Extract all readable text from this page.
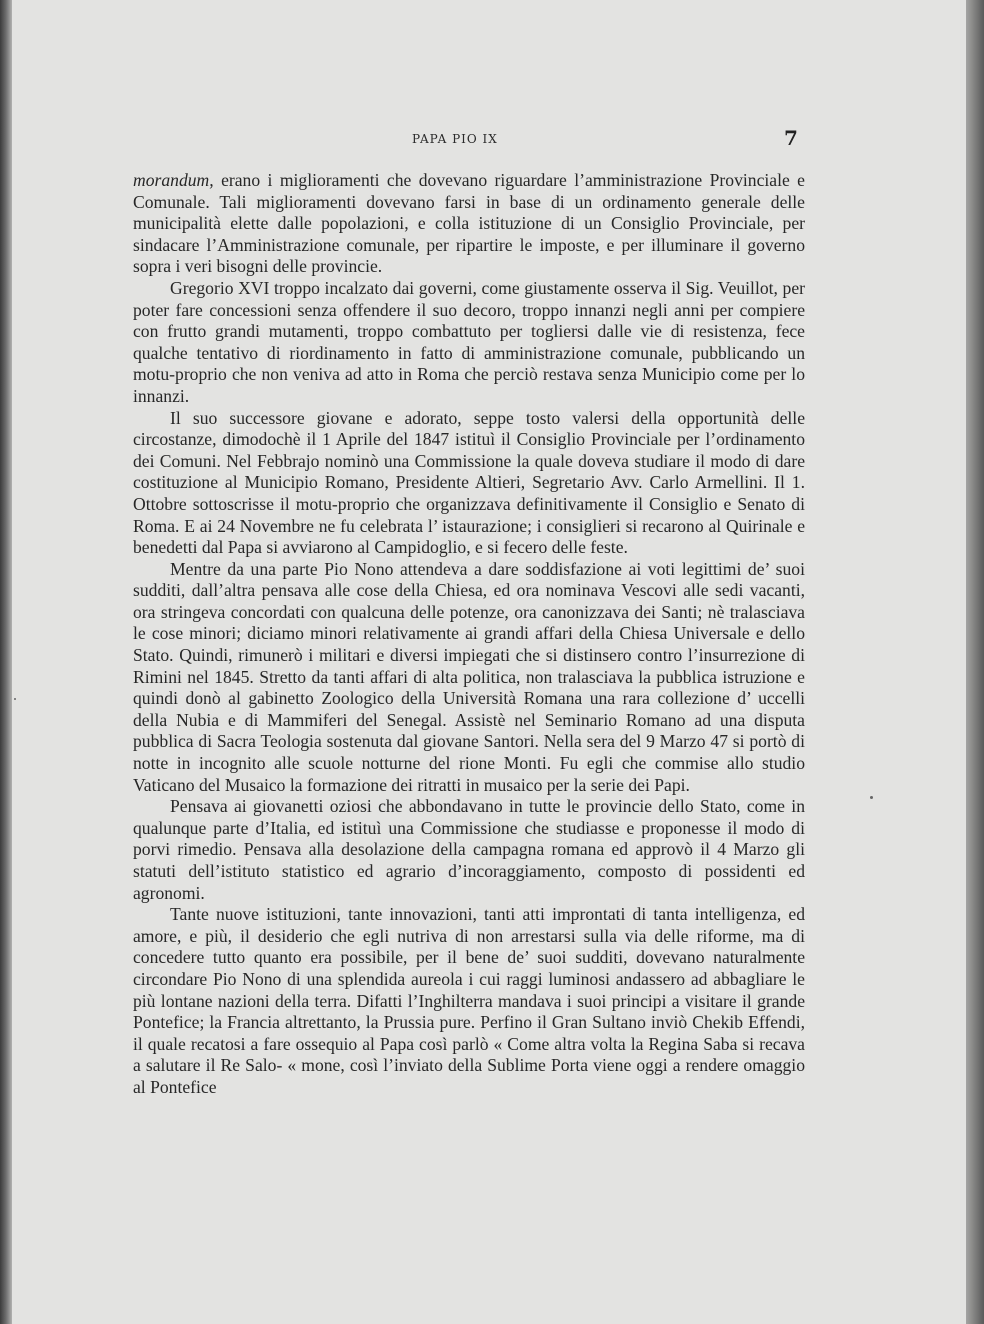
PAPA PIO IX	7

morandum, erano i miglioramenti che dovevano riguardare l’amministrazione Provinciale e Comunale. Tali miglioramenti dovevano farsi in base di un ordinamento generale delle municipalità elette dalle popolazioni, e colla istituzione di un Consiglio Provinciale, per sindacare l’Amministrazione comunale, per ripartire le imposte, e per illuminare il governo sopra i veri bisogni delle provincie.

Gregorio XVI troppo incalzato dai governi, come giustamente osserva il Sig. Veuillot, per poter fare concessioni senza offendere il suo decoro, troppo innanzi negli anni per compiere con frutto grandi mutamenti, troppo combattuto per togliersi dalle vie di resistenza, fece qualche tentativo di riordinamento in fatto di amministrazione comunale, pubblicando un motu-proprio che non veniva ad atto in Roma che perciò restava senza Municipio come per lo innanzi.

Il suo successore giovane e adorato, seppe tosto valersi della opportunità delle circostanze, dimodochè il 1 Aprile del 1847 istituì il Consiglio Provinciale per l’ordinamento dei Comuni. Nel Febbrajo nominò una Commissione la quale doveva studiare il modo di dare costituzione al Municipio Romano, Presidente Altieri, Segretario Avv. Carlo Armellini. Il 1. Ottobre sottoscrisse il motu-proprio che organizzava definitivamente il Consiglio e Senato di Roma. E ai 24 Novembre ne fu celebrata l’ istaurazione; i consiglieri si recarono al Quirinale e benedetti dal Papa si avviarono al Campidoglio, e si fecero delle feste.

Mentre da una parte Pio Nono attendeva a dare soddisfazione ai voti legittimi de’ suoi sudditi, dall’altra pensava alle cose della Chiesa, ed ora nominava Vescovi alle sedi vacanti, ora stringeva concordati con qualcuna delle potenze, ora canonizzava dei Santi; nè tralasciava le cose minori; diciamo minori relativamente ai grandi affari della Chiesa Universale e dello Stato. Quindi, rimunerò i militari e diversi impiegati che si distinsero contro l’insurrezione di Rimini nel 1845. Stretto da tanti affari di alta politica, non tralasciava la pubblica istruzione e quindi donò al gabinetto Zoologico della Università Romana una rara collezione d’ uccelli della Nubia e di Mammiferi del Senegal. Assistè nel Seminario Romano ad una disputa pubblica di Sacra Teologia sostenuta dal giovane Santori. Nella sera del 9 Marzo 47 si portò di notte in incognito alle scuole notturne del rione Monti. Fu egli che commise allo studio Vaticano del Musaico la formazione dei ritratti in musaico per la serie dei Papi.

Pensava ai giovanetti oziosi che abbondavano in tutte le provincie dello Stato, come in qualunque parte d’Italia, ed istituì una Commissione che studiasse e proponesse il modo di porvi rimedio. Pensava alla desolazione della campagna romana ed approvò il 4 Marzo gli statuti dell’istituto statistico ed agrario d’incoraggiamento, composto di possidenti ed agronomi.

Tante nuove istituzioni, tante innovazioni, tanti atti improntati di tanta intelligenza, ed amore, e più, il desiderio che egli nutriva di non arrestarsi sulla via delle riforme, ma di concedere tutto quanto era possibile, per il bene de’ suoi sudditi, dovevano naturalmente circondare Pio Nono di una splendida aureola i cui raggi luminosi andassero ad abbagliare le più lontane nazioni della terra. Difatti l’Inghilterra mandava i suoi principi a visitare il grande Pontefice; la Francia altrettanto, la Prussia pure. Perfino il Gran Sultano inviò Chekib Effendi, il quale recatosi a fare ossequio al Papa così parlò « Come altra volta la Regina Saba si recava a salutare il Re Salo- « mone, così l’inviato della Sublime Porta viene oggi a rendere omaggio al Pontefice
